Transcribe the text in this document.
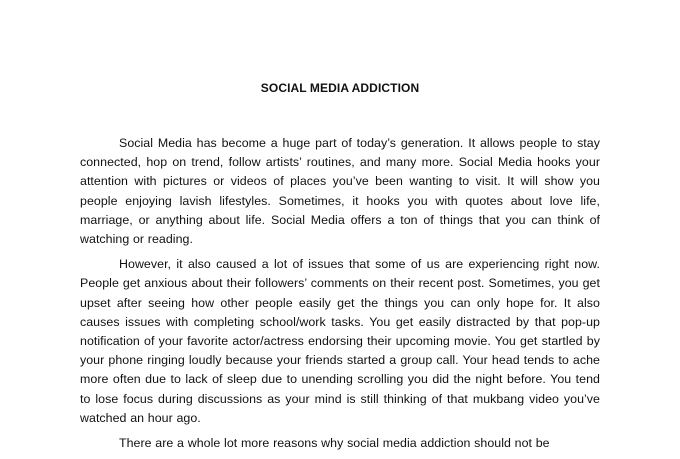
SOCIAL MEDIA ADDICTION

Social Media has become a huge part of today’s generation. It allows people to stay connected, hop on trend, follow artists’ routines, and many more. Social Media hooks your attention with pictures or videos of places you’ve been wanting to visit. It will show you people enjoying lavish lifestyles. Sometimes, it hooks you with quotes about love life, marriage, or anything about life. Social Media offers a ton of things that you can think of watching or reading.

However, it also caused a lot of issues that some of us are experiencing right now. People get anxious about their followers’ comments on their recent post. Sometimes, you get upset after seeing how other people easily get the things you can only hope for. It also causes issues with completing school/work tasks. You get easily distracted by that pop-up notification of your favorite actor/actress endorsing their upcoming movie. You get startled by your phone ringing loudly because your friends started a group call. Your head tends to ache more often due to lack of sleep due to unending scrolling you did the night before. You tend to lose focus during discussions as your mind is still thinking of that mukbang video you’ve watched an hour ago.

There are a whole lot more reasons why social media addiction should not be
